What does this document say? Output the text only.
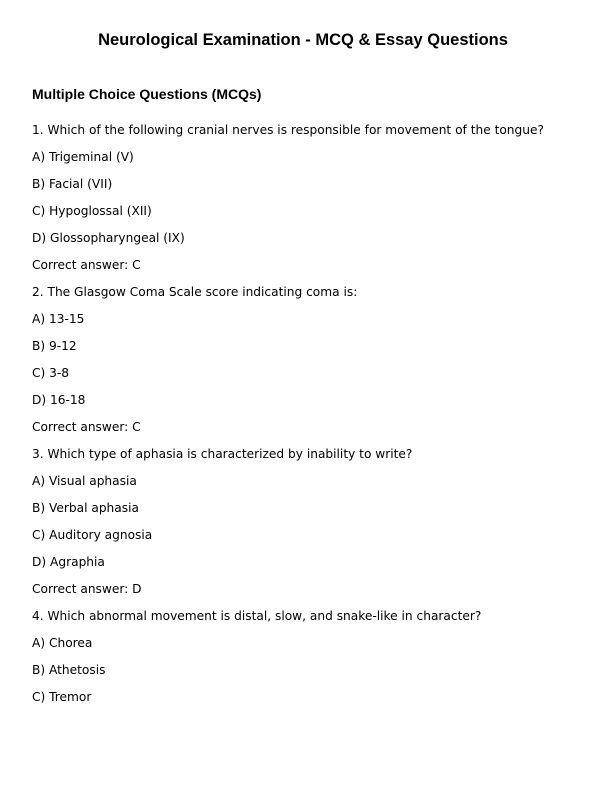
Neurological Examination - MCQ & Essay Questions
Multiple Choice Questions (MCQs)
1. Which of the following cranial nerves is responsible for movement of the tongue?
A) Trigeminal (V)
B) Facial (VII)
C) Hypoglossal (XII)
D) Glossopharyngeal (IX)
Correct answer: C
2. The Glasgow Coma Scale score indicating coma is:
A) 13-15
B) 9-12
C) 3-8
D) 16-18
Correct answer: C
3. Which type of aphasia is characterized by inability to write?
A) Visual aphasia
B) Verbal aphasia
C) Auditory agnosia
D) Agraphia
Correct answer: D
4. Which abnormal movement is distal, slow, and snake-like in character?
A) Chorea
B) Athetosis
C) Tremor
